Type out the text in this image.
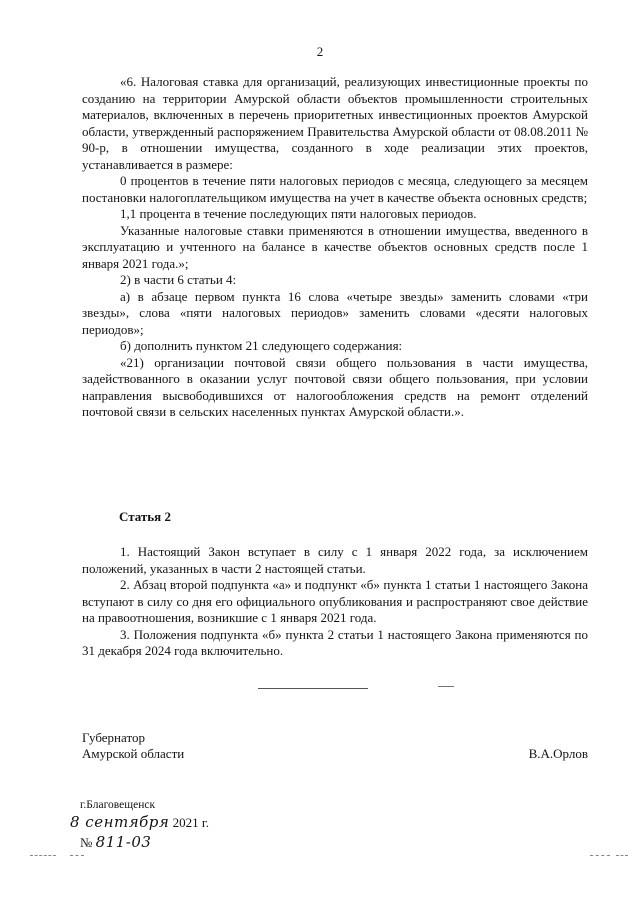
2

«6. Налоговая ставка для организаций, реализующих инвестиционные проекты по созданию на территории Амурской области объектов промышленности строительных материалов, включенных в перечень приоритетных инвестиционных проектов Амурской области, утвержденный распоряжением Правительства Амурской области от 08.08.2011 № 90-р, в отношении имущества, созданного в ходе реализации этих проектов, устанавливается в размере:

0 процентов в течение пяти налоговых периодов с месяца, следующего за месяцем постановки налогоплательщиком имущества на учет в качестве объекта основных средств;

1,1 процента в течение последующих пяти налоговых периодов.

Указанные налоговые ставки применяются в отношении имущества, введенного в эксплуатацию и учтенного на балансе в качестве объектов основных средств после 1 января 2021 года.»;

2) в части 6 статьи 4:

а) в абзаце первом пункта 16 слова «четыре звезды» заменить словами «три звезды», слова «пяти налоговых периодов» заменить словами «десяти налоговых периодов»;

б) дополнить пунктом 21 следующего содержания:

«21) организации почтовой связи общего пользования в части имущества, задействованного в оказании услуг почтовой связи общего пользования, при условии направления высвободившихся от налогообложения средств на ремонт отделений почтовой связи в сельских населенных пунктах Амурской области.».

Статья 2

1. Настоящий Закон вступает в силу с 1 января 2022 года, за исключением положений, указанных в части 2 настоящей статьи.

2. Абзац второй подпункта «а» и подпункт «б» пункта 1 статьи 1 настоящего Закона вступают в силу со дня его официального опубликования и распространяют свое действие на правоотношения, возникшие с 1 января 2021 года.

3. Положения подпункта «б» пункта 2 статьи 1 настоящего Закона применяются по 31 декабря 2024 года включительно.

Губернатор
Амурской области	В.А.Орлов
г.Благовещенск
8 сентября 2021 г.
№ 811-03
